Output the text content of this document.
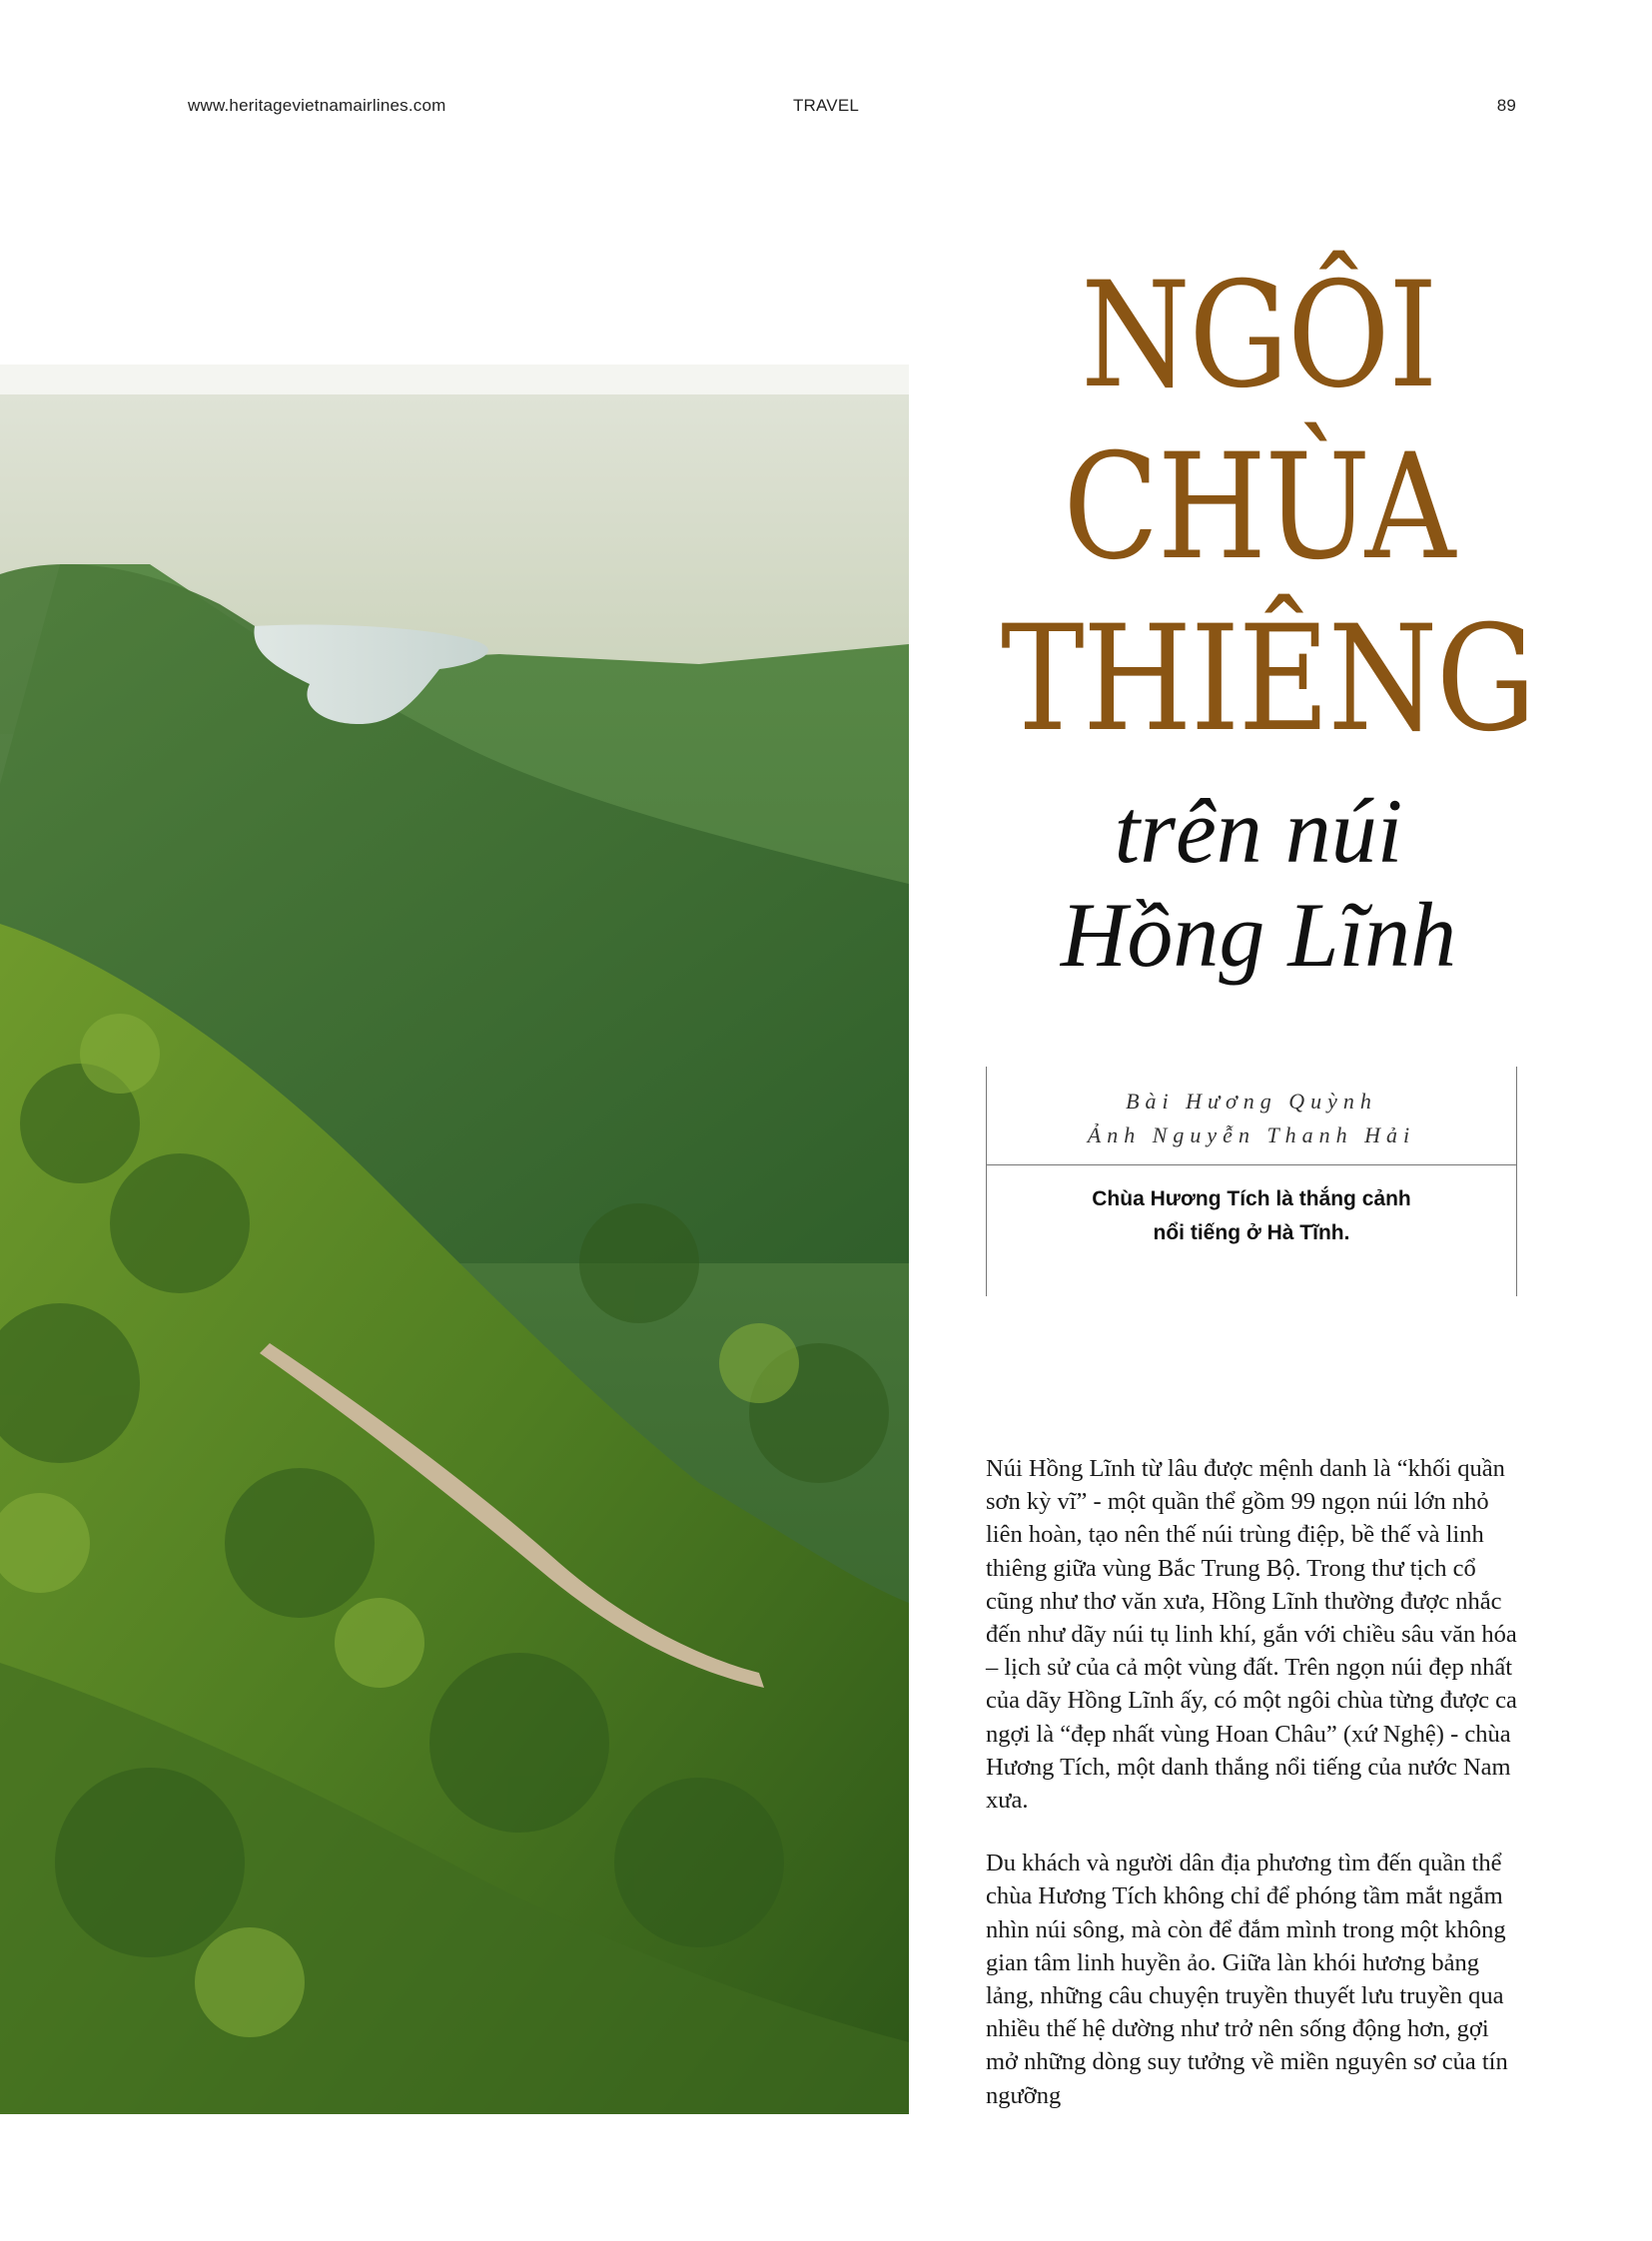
www.heritagevietnamairlines.com	TRAVEL	89
NGÔI
CHÙA
THIÊNG
trên núi
Hồng Lĩnh
Bài Hương Quỳnh
Ảnh Nguyễn Thanh Hải
Chùa Hương Tích là thắng cảnh
nổi tiếng ở Hà Tĩnh.

Núi Hồng Lĩnh từ lâu được mệnh danh là “khối quần sơn kỳ vĩ” - một quần thể gồm 99 ngọn núi lớn nhỏ liên hoàn, tạo nên thế núi trùng điệp, bề thế và linh thiêng giữa vùng Bắc Trung Bộ. Trong thư tịch cổ cũng như thơ văn xưa, Hồng Lĩnh thường được nhắc đến như dãy núi tụ linh khí, gắn với chiều sâu văn hóa – lịch sử của cả một vùng đất. Trên ngọn núi đẹp nhất của dãy Hồng Lĩnh ấy, có một ngôi chùa từng được ca ngợi là “đẹp nhất vùng Hoan Châu” (xứ Nghệ) - chùa Hương Tích, một danh thắng nổi tiếng của nước Nam xưa.

Du khách và người dân địa phương tìm đến quần thể chùa Hương Tích không chỉ để phóng tầm mắt ngắm nhìn núi sông, mà còn để đắm mình trong một không gian tâm linh huyền ảo. Giữa làn khói hương bảng lảng, những câu chuyện truyền thuyết lưu truyền qua nhiều thế hệ dường như trở nên sống động hơn, gợi mở những dòng suy tưởng về miền nguyên sơ của tín ngưỡng
